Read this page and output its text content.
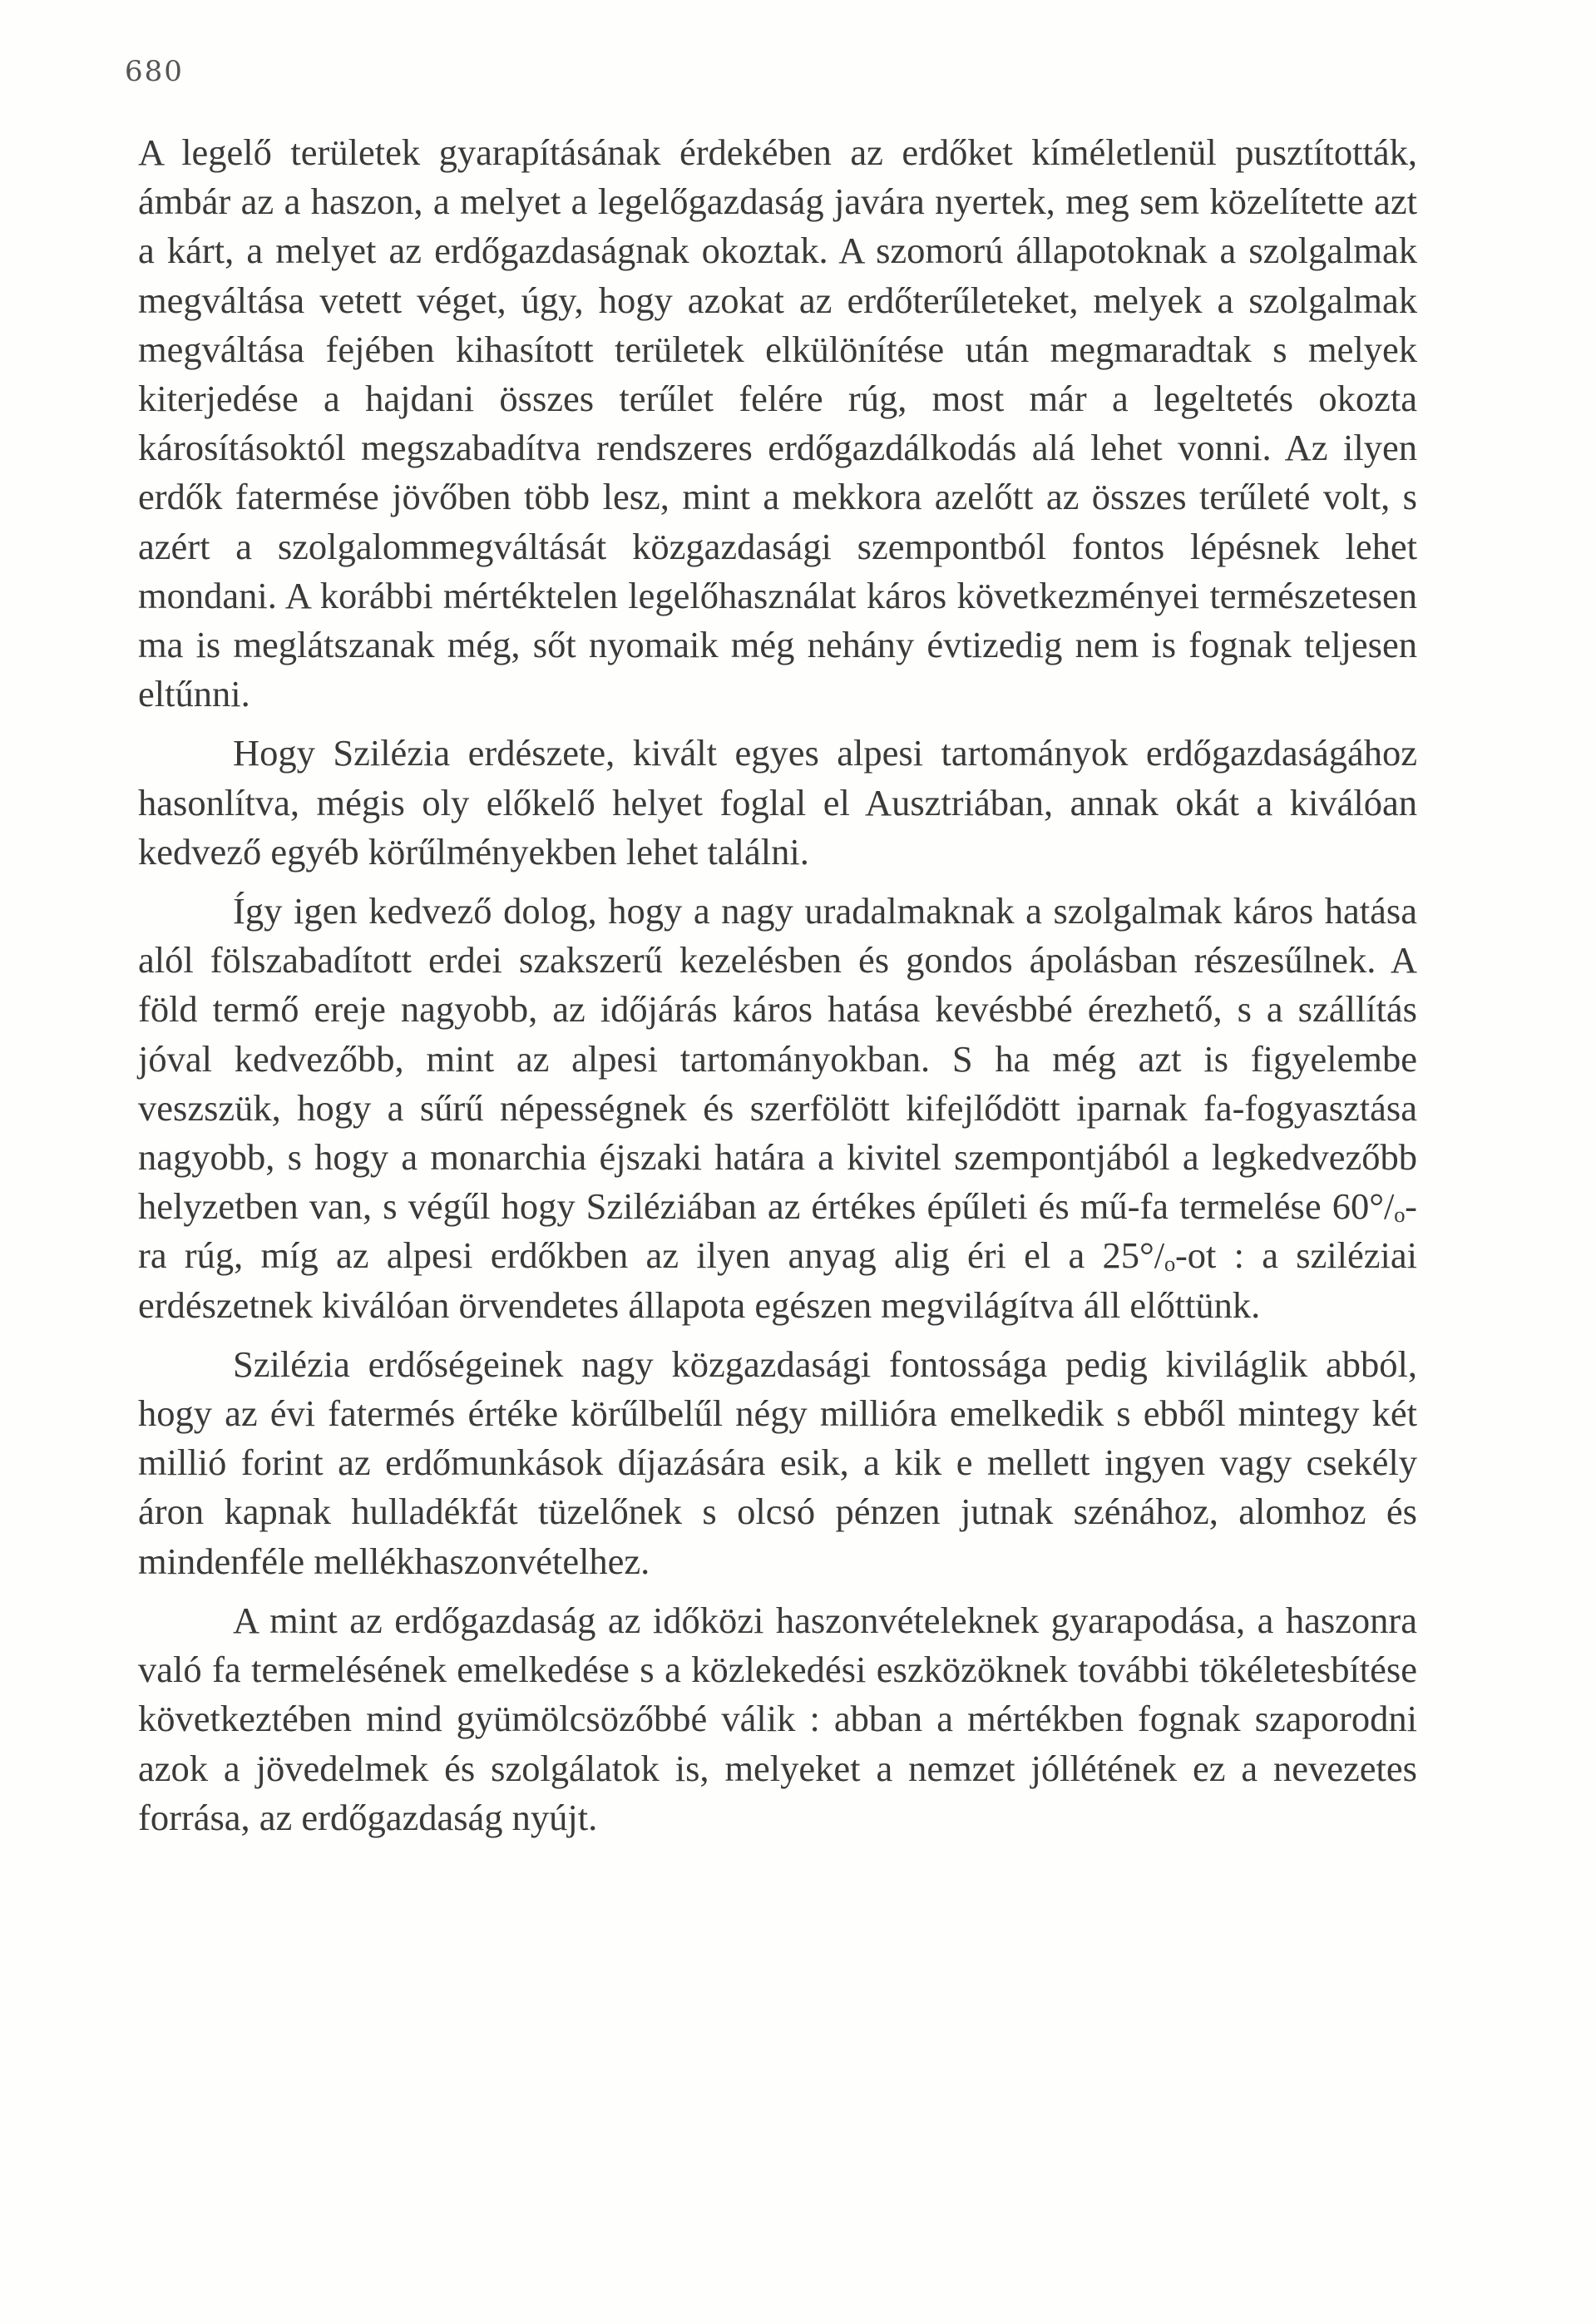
680

A legelő területek gyarapításának érdekében az erdőket kíméletlenül pusztították, ámbár az a haszon, a melyet a legelőgazdaság javára nyertek, meg sem közelítette azt a kárt, a melyet az erdőgazdaságnak okoztak. A szomorú állapotoknak a szolgalmak megváltása vetett véget, úgy, hogy azokat az erdőterűleteket, melyek a szolgalmak megváltása fejében kihasított területek elkülönítése után megmaradtak s melyek kiterjedése a hajdani összes terűlet felére rúg, most már a legeltetés okozta károsításoktól megszabadítva rendszeres erdőgazdálkodás alá lehet vonni. Az ilyen erdők fatermése jövőben több lesz, mint a mekkora azelőtt az összes terűleté volt, s azért a szolgalommegváltását közgazdasági szempontból fontos lépésnek lehet mondani. A korábbi mértéktelen legelőhasználat káros következményei természetesen ma is meglátszanak még, sőt nyomaik még nehány évtizedig nem is fognak teljesen eltűnni.

Hogy Szilézia erdészete, kivált egyes alpesi tartományok erdőgazdaságához hasonlítva, mégis oly előkelő helyet foglal el Ausztriában, annak okát a kiválóan kedvező egyéb körűlményekben lehet találni.

Így igen kedvező dolog, hogy a nagy uradalmaknak a szolgalmak káros hatása alól fölszabadított erdei szakszerű kezelésben és gondos ápolásban részesűlnek. A föld termő ereje nagyobb, az időjárás káros hatása kevésbbé érezhető, s a szállítás jóval kedvezőbb, mint az alpesi tartományokban. S ha még azt is figyelembe veszszük, hogy a sűrű népességnek és szerfölött kifejlődött iparnak fa-fogyasztása nagyobb, s hogy a monarchia éjszaki határa a kivitel szempontjából a legkedvezőbb helyzetben van, s végűl hogy Sziléziában az értékes épűleti és mű-fa termelése 60°/ₒ-ra rúg, míg az alpesi erdőkben az ilyen anyag alig éri el a 25°/ₒ-ot : a sziléziai erdészetnek kiválóan örvendetes állapota egészen megvilágítva áll előttünk.

Szilézia erdőségeinek nagy közgazdasági fontossága pedig kiviláglik abból, hogy az évi fatermés értéke körűlbelűl négy millióra emelkedik s ebből mintegy két millió forint az erdőmunkások díjazására esik, a kik e mellett ingyen vagy csekély áron kapnak hulladékfát tüzelőnek s olcsó pénzen jutnak szénához, alomhoz és mindenféle mellékhaszonvételhez.

A mint az erdőgazdaság az időközi haszonvételeknek gyarapodása, a haszonra való fa termelésének emelkedése s a közlekedési eszközöknek további tökéletesbítése következtében mind gyümölcsözőbbé válik : abban a mértékben fognak szaporodni azok a jövedelmek és szolgálatok is, melyeket a nemzet jóllétének ez a nevezetes forrása, az erdőgazdaság nyújt.
